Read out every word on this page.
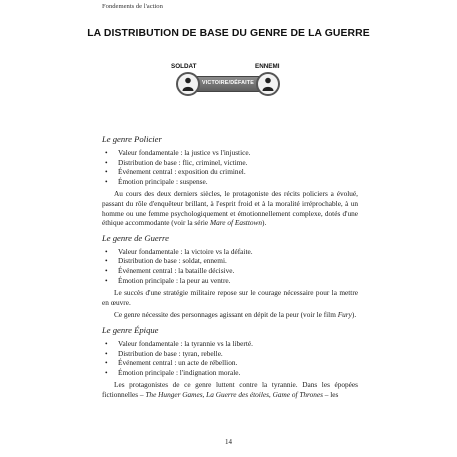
Fondements de l'action
LA DISTRIBUTION DE BASE DU GENRE DE LA GUERRE
SOLDAT	ENNEMI
VICTOIRE/DÉFAITE
Le genre Policier
• Valeur fondamentale : la justice vs l'injustice.
• Distribution de base : flic, criminel, victime.
• Événement central : exposition du criminel.
• Émotion principale : suspense.

Au cours des deux derniers siècles, le protagoniste des récits policiers a évolué, passant du rôle d'enquêteur brillant, à l'esprit froid et à la moralité irréprochable, à un homme ou une femme psychologiquement et émotionnellement complexe, dotés d'une éthique accommodante (voir la série Mare of Easttown).

Le genre de Guerre
• Valeur fondamentale : la victoire vs la défaite.
• Distribution de base : soldat, ennemi.
• Événement central : la bataille décisive.
• Émotion principale : la peur au ventre.

Le succès d'une stratégie militaire repose sur le courage nécessaire pour la mettre en œuvre.

Ce genre nécessite des personnages agissant en dépit de la peur (voir le film Fury).

Le genre Épique
• Valeur fondamentale : la tyrannie vs la liberté.
• Distribution de base : tyran, rebelle.
• Événement central : un acte de rébellion.
• Émotion principale : l'indignation morale.

Les protagonistes de ce genre luttent contre la tyrannie. Dans les épopées fictionnelles – The Hunger Games, La Guerre des étoiles, Game of Thrones – les

14
